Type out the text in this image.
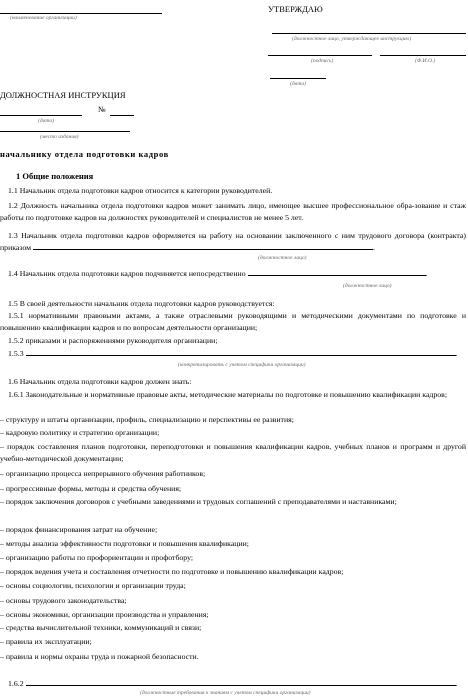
(наименование организации)
УТВЕРЖДАЮ
(должностное лицо, утверждающее инструкцию)
(подпись)	(Ф.И.О.)
(дата)
ДОЛЖНОСТНАЯ ИНСТРУКЦИЯ
№
(дата)
(место издания)
начальнику отдела подготовки кадров
1 Общие положения
1.1 Начальник отдела подготовки кадров относится к категории руководителей.
1.2 Должность начальника отдела подготовки кадров может занимать лицо, имеющее высшее профессиональное обра-зование и стаж работы по подготовке кадров на должностях руководителей и специалистов не менее 5 лет.
1.3 Начальник отдела подготовки кадров оформляется на работу на основании заключенного с ним трудового договора (контракта) приказом	.
(должностное лицо)
1.4 Начальник отдела подготовки кадров подчиняется непосредственно	.
(должностное лицо)
1.5 В своей деятельности начальник отдела подготовки кадров руководствуется:
1.5.1 нормативными правовыми актами, а также отраслевыми руководящими и методическими документами по подготовке и повышению квалификации кадров и по вопросам деятельности организации;
1.5.2 приказами и распоряжениями руководителя организации;
1.5.3	.
(конкретизировать с учетом специфики организации)
1.6 Начальник отдела подготовки кадров должен знать:
1.6.1 Законодательные и нормативные правовые акты, методические материалы по подготовке и повышению квалификации кадров;
– структуру и штаты организации, профиль, специализацию и перспективы ее развития;
– кадровую политику и стратегию организации;
– порядок составления планов подготовки, переподготовки и повышения квалификации кадров, учебных планов и программ и другой учебно-методической документации;
– организацию процесса непрерывного обучения работников;
– прогрессивные формы, методы и средства обучения;
– порядок заключения договоров с учебными заведениями и трудовых соглашений с преподавателями и наставниками;
– порядок финансирования затрат на обучение;
– методы анализа эффективности подготовки и повышения квалификации;
– организацию работы по профориентации и профотбору;
– порядок ведения учета и составления отчетности по подготовке и повышению квалификации кадров;
– основы социологии, психологии и организации труда;
– основы трудового законодательства;
– основы экономики, организации производства и управления;
– средства вычислительной техники, коммуникаций и связи;
– правила их эксплуатации;
– правила и нормы охраны труда и пожарной безопасности.
1.6.2	.
(должностные требования к знаниям с учетом специфики организации)
